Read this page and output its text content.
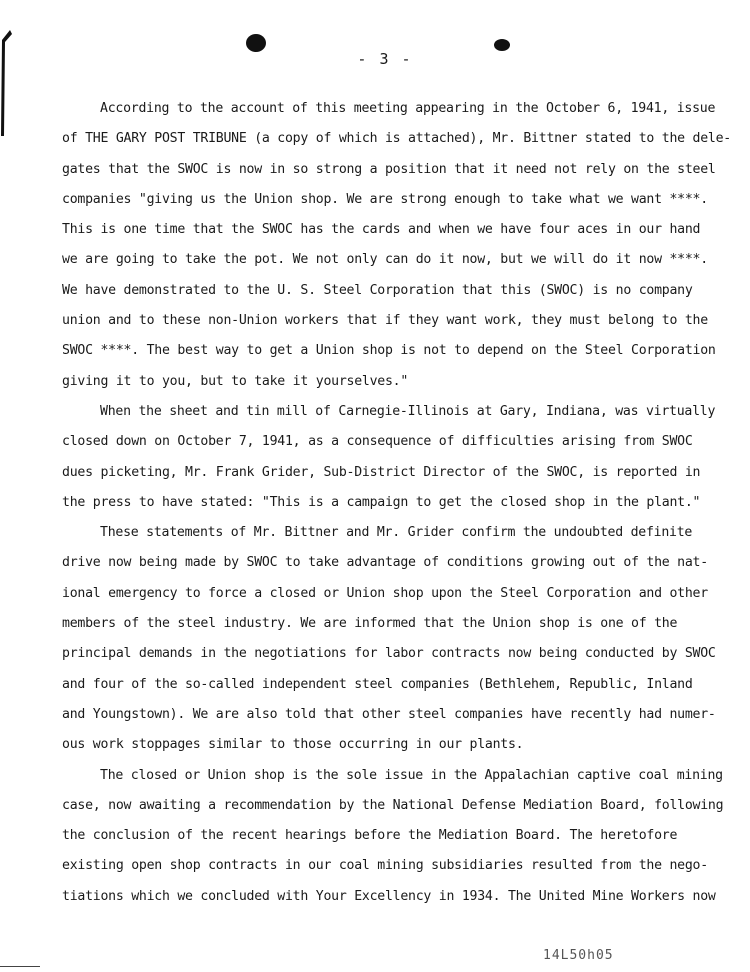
- 3 -

According to the account of this meeting appearing in the October 6, 1941, issue
of THE GARY POST TRIBUNE (a copy of which is attached), Mr. Bittner stated to the dele-
gates that the SWOC is now in so strong a position that it need not rely on the steel
companies "giving us the Union shop. We are strong enough to take what we want ****.
This is one time that the SWOC has the cards and when we have four aces in our hand
we are going to take the pot. We not only can do it now, but we will do it now ****.
We have demonstrated to the U. S. Steel Corporation that this (SWOC) is no company
union and to these non-Union workers that if they want work, they must belong to the
SWOC ****. The best way to get a Union shop is not to depend on the Steel Corporation
giving it to you, but to take it yourselves."

When the sheet and tin mill of Carnegie-Illinois at Gary, Indiana, was virtually
closed down on October 7, 1941, as a consequence of difficulties arising from SWOC
dues picketing, Mr. Frank Grider, Sub-District Director of the SWOC, is reported in
the press to have stated: "This is a campaign to get the closed shop in the plant."

These statements of Mr. Bittner and Mr. Grider confirm the undoubted definite
drive now being made by SWOC to take advantage of conditions growing out of the nat-
ional emergency to force a closed or Union shop upon the Steel Corporation and other
members of the steel industry. We are informed that the Union shop is one of the
principal demands in the negotiations for labor contracts now being conducted by SWOC
and four of the so-called independent steel companies (Bethlehem, Republic, Inland
and Youngstown). We are also told that other steel companies have recently had numer-
ous work stoppages similar to those occurring in our plants.

The closed or Union shop is the sole issue in the Appalachian captive coal mining
case, now awaiting a recommendation by the National Defense Mediation Board, following
the conclusion of the recent hearings before the Mediation Board. The heretofore
existing open shop contracts in our coal mining subsidiaries resulted from the nego-
tiations which we concluded with Your Excellency in 1934. The United Mine Workers now

14L50h05
